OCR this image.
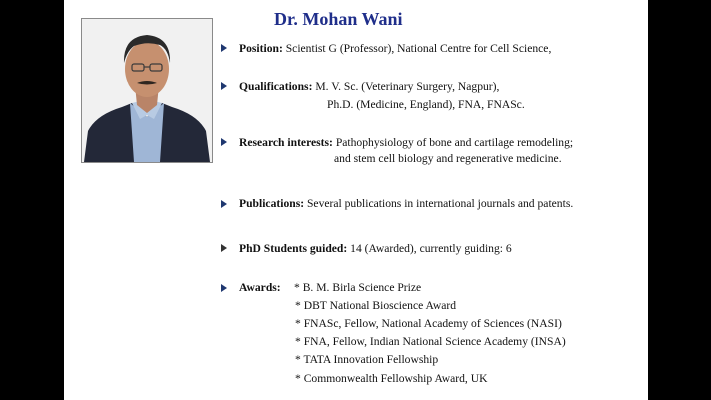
Dr. Mohan Wani
Position: Scientist G (Professor), National Centre for Cell Science,
Qualifications: M. V. Sc. (Veterinary Surgery, Nagpur),
Ph.D. (Medicine, England), FNA, FNASc.
Research interests: Pathophysiology of bone and cartilage remodeling;
and stem cell biology and regenerative medicine.
Publications: Several publications in international journals and patents.
PhD Students guided: 14 (Awarded), currently guiding: 6
Awards: * B. M. Birla Science Prize
* DBT National Bioscience Award
* FNASc, Fellow, National Academy of Sciences (NASI)
* FNA, Fellow, Indian National Science Academy (INSA)
* TATA Innovation Fellowship
* Commonwealth Fellowship Award, UK
